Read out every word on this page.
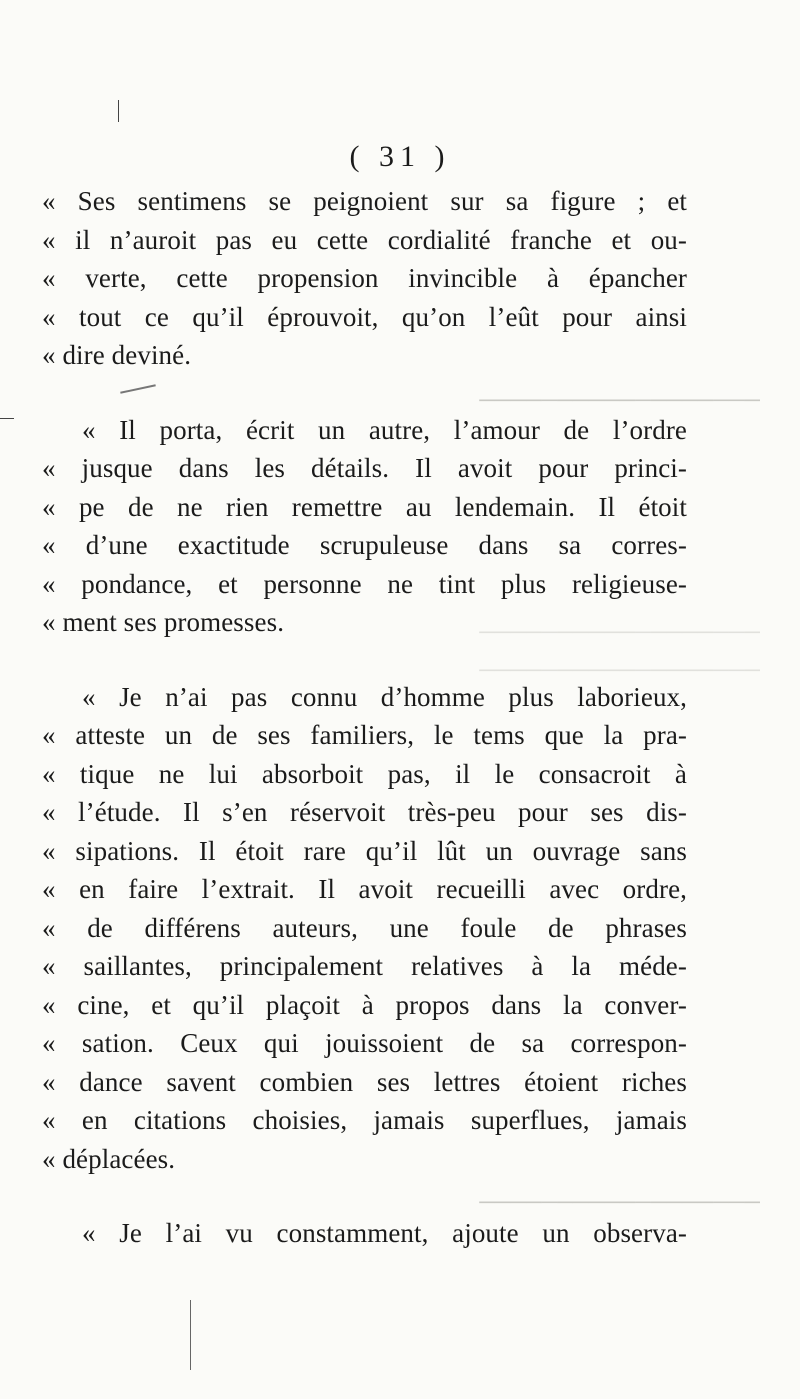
──────────────────
──────────────────
──────────────────
──────────────────
( 31 )
« Ses sentimens se peignoient sur sa figure ; et
« il n’auroit pas eu cette cordialité franche et ou-
« verte, cette propension invincible à épancher
« tout ce qu’il éprouvoit, qu’on l’eût pour ainsi
« dire deviné.
« Il porta, écrit un autre, l’amour de l’ordre
« jusque dans les détails. Il avoit pour princi-
« pe de ne rien remettre au lendemain. Il étoit
« d’une exactitude scrupuleuse dans sa corres-
« pondance, et personne ne tint plus religieuse-
« ment ses promesses.
« Je n’ai pas connu d’homme plus laborieux,
« atteste un de ses familiers, le tems que la pra-
« tique ne lui absorboit pas, il le consacroit à
« l’étude. Il s’en réservoit très-peu pour ses dis-
« sipations. Il étoit rare qu’il lût un ouvrage sans
« en faire l’extrait. Il avoit recueilli avec ordre,
« de différens auteurs, une foule de phrases
« saillantes, principalement relatives à la méde-
« cine, et qu’il plaçoit à propos dans la conver-
« sation. Ceux qui jouissoient de sa correspon-
« dance savent combien ses lettres étoient riches
« en citations choisies, jamais superflues, jamais
« déplacées.
« Je l’ai vu constamment, ajoute un observa-
